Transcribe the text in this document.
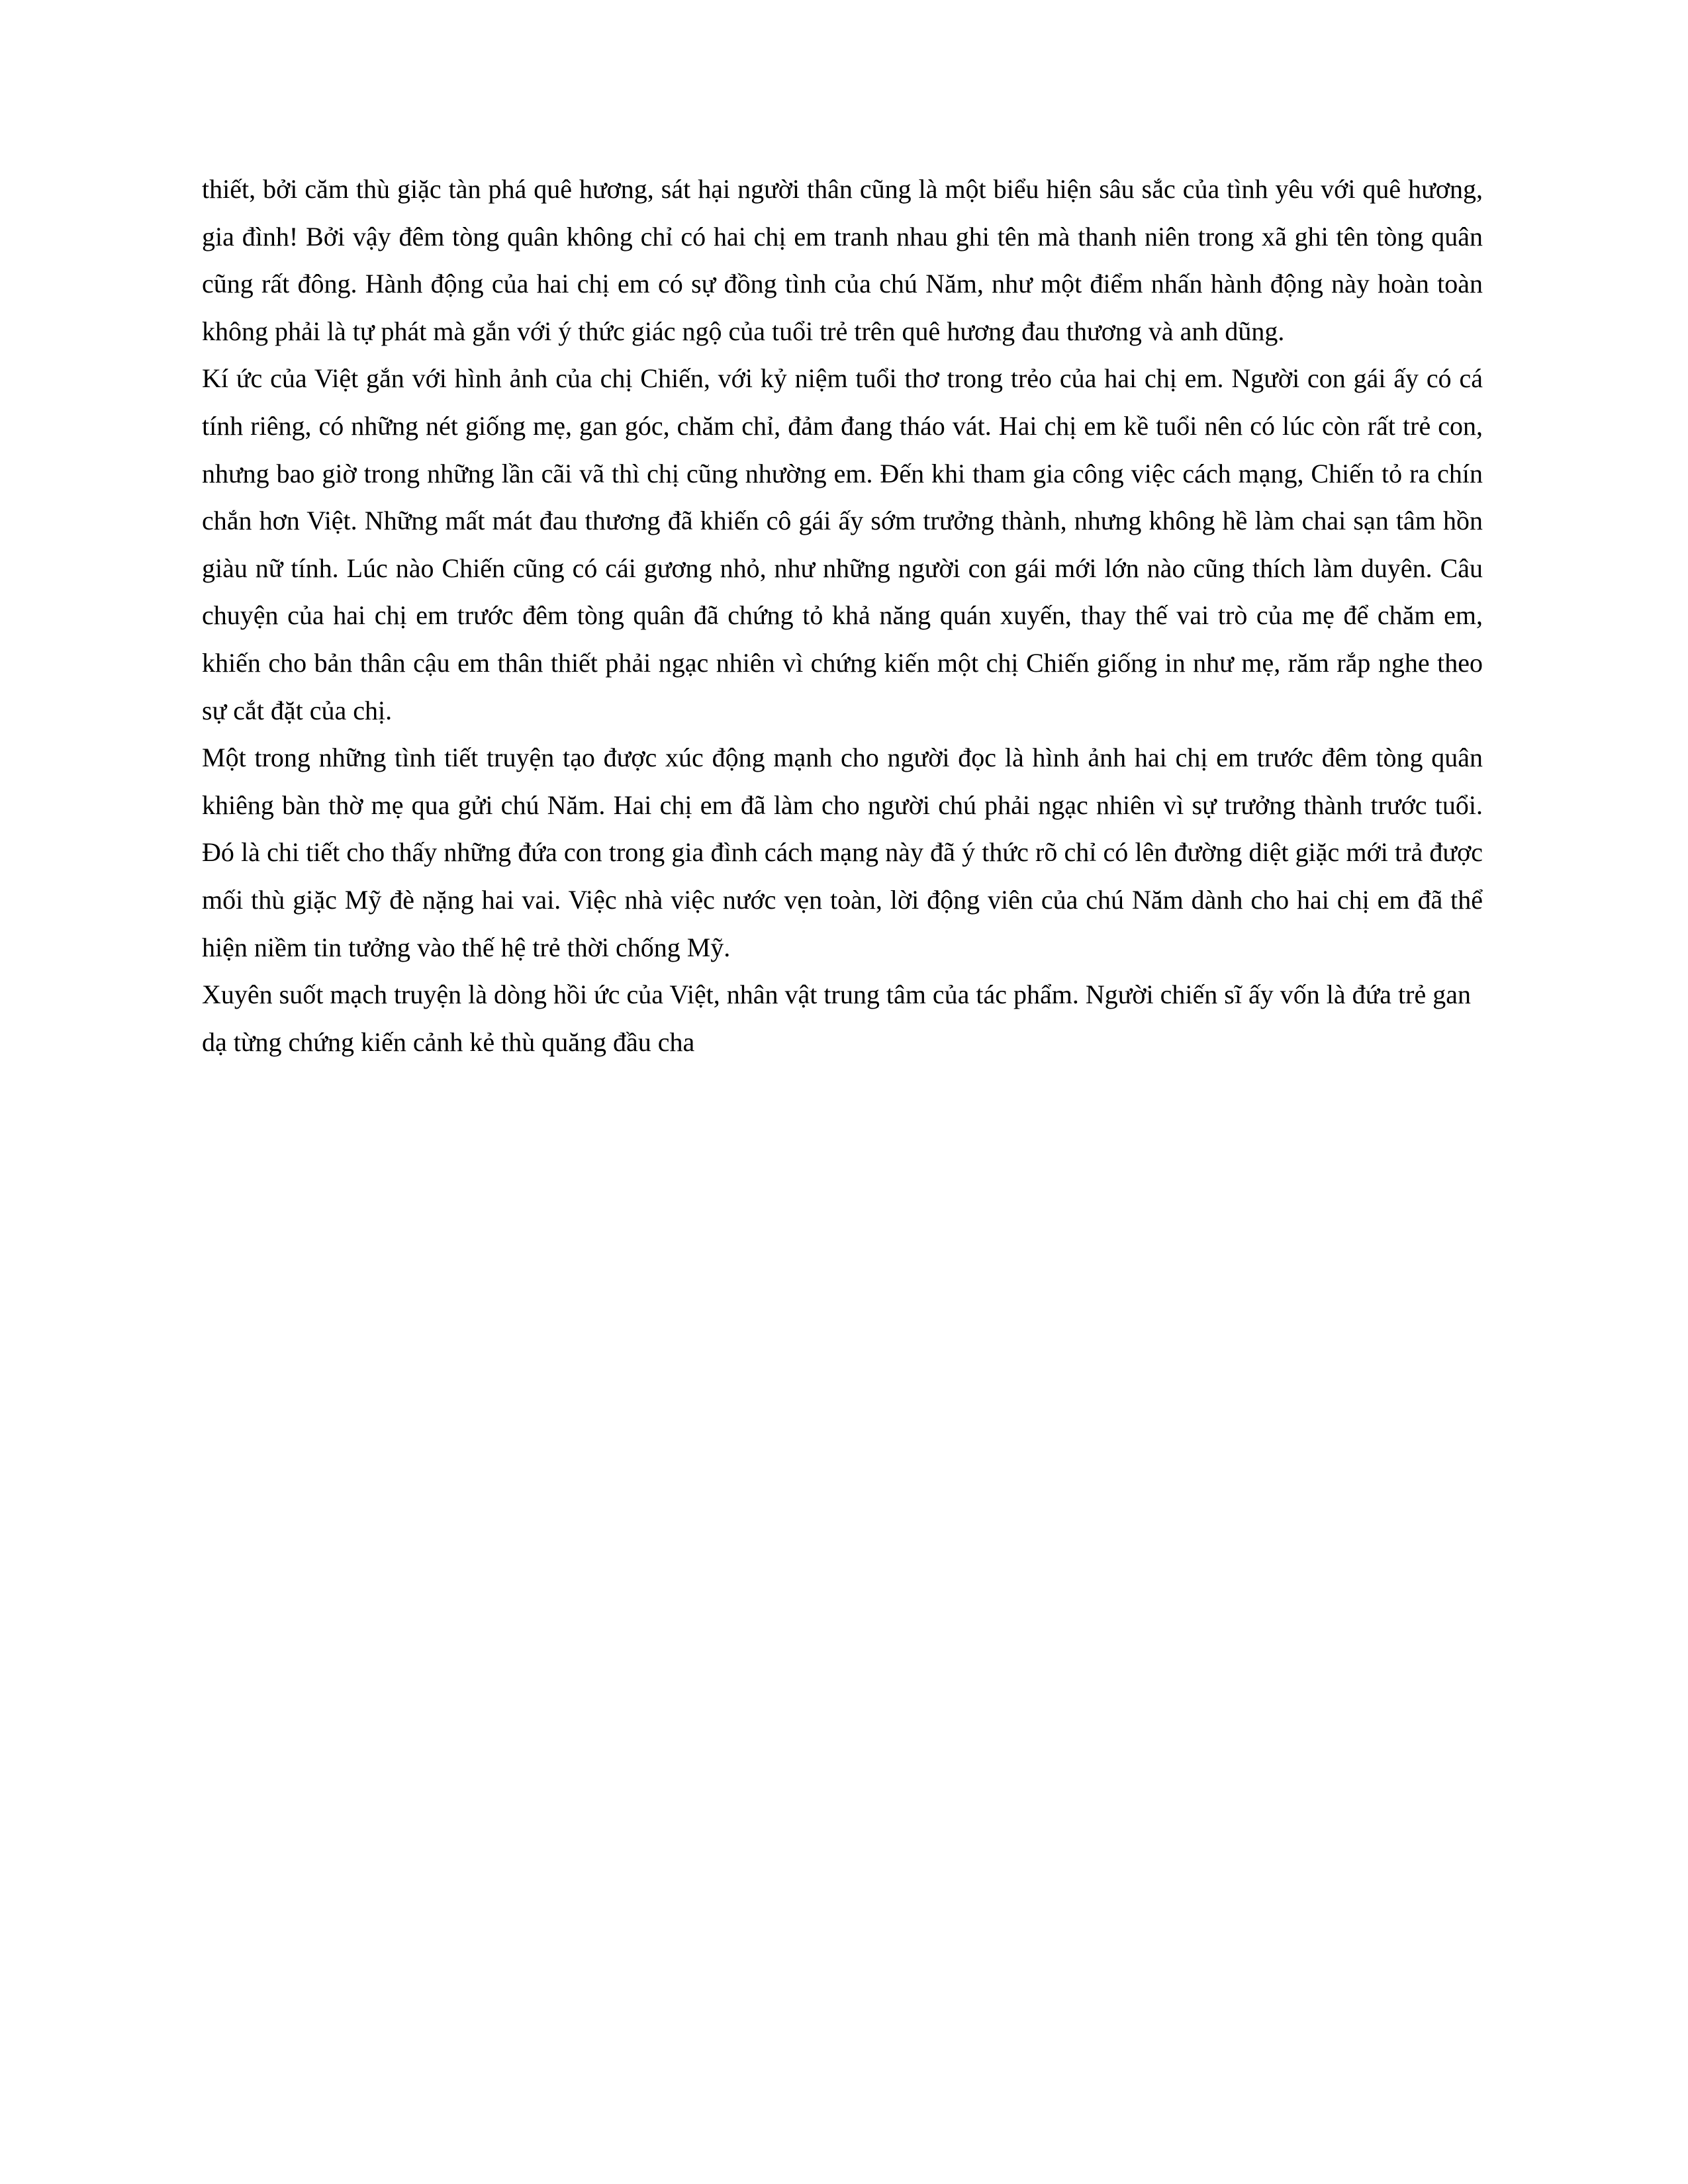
thiết, bởi căm thù giặc tàn phá quê hương, sát hại người thân cũng là một biểu hiện sâu sắc của tình yêu với quê hương, gia đình! Bởi vậy đêm tòng quân không chỉ có hai chị em tranh nhau ghi tên mà thanh niên trong xã ghi tên tòng quân cũng rất đông. Hành động của hai chị em có sự đồng tình của chú Năm, như một điểm nhấn hành động này hoàn toàn không phải là tự phát mà gắn với ý thức giác ngộ của tuổi trẻ trên quê hương đau thương và anh dũng.

Kí ức của Việt gắn với hình ảnh của chị Chiến, với kỷ niệm tuổi thơ trong trẻo của hai chị em. Người con gái ấy có cá tính riêng, có những nét giống mẹ, gan góc, chăm chỉ, đảm đang tháo vát. Hai chị em kề tuổi nên có lúc còn rất trẻ con, nhưng bao giờ trong những lần cãi vã thì chị cũng nhường em. Đến khi tham gia công việc cách mạng, Chiến tỏ ra chín chắn hơn Việt. Những mất mát đau thương đã khiến cô gái ấy sớm trưởng thành, nhưng không hề làm chai sạn tâm hồn giàu nữ tính. Lúc nào Chiến cũng có cái gương nhỏ, như những người con gái mới lớn nào cũng thích làm duyên. Câu chuyện của hai chị em trước đêm tòng quân đã chứng tỏ khả năng quán xuyến, thay thế vai trò của mẹ để chăm em, khiến cho bản thân cậu em thân thiết phải ngạc nhiên vì chứng kiến một chị Chiến giống in như mẹ, răm rắp nghe theo sự cắt đặt của chị.

Một trong những tình tiết truyện tạo được xúc động mạnh cho người đọc là hình ảnh hai chị em trước đêm tòng quân khiêng bàn thờ mẹ qua gửi chú Năm. Hai chị em đã làm cho người chú phải ngạc nhiên vì sự trưởng thành trước tuổi. Đó là chi tiết cho thấy những đứa con trong gia đình cách mạng này đã ý thức rõ chỉ có lên đường diệt giặc mới trả được mối thù giặc Mỹ đè nặng hai vai. Việc nhà việc nước vẹn toàn, lời động viên của chú Năm dành cho hai chị em đã thể hiện niềm tin tưởng vào thế hệ trẻ thời chống Mỹ.

Xuyên suốt mạch truyện là dòng hồi ức của Việt, nhân vật trung tâm của tác phẩm. Người chiến sĩ ấy vốn là đứa trẻ gan dạ từng chứng kiến cảnh kẻ thù quăng đầu cha
